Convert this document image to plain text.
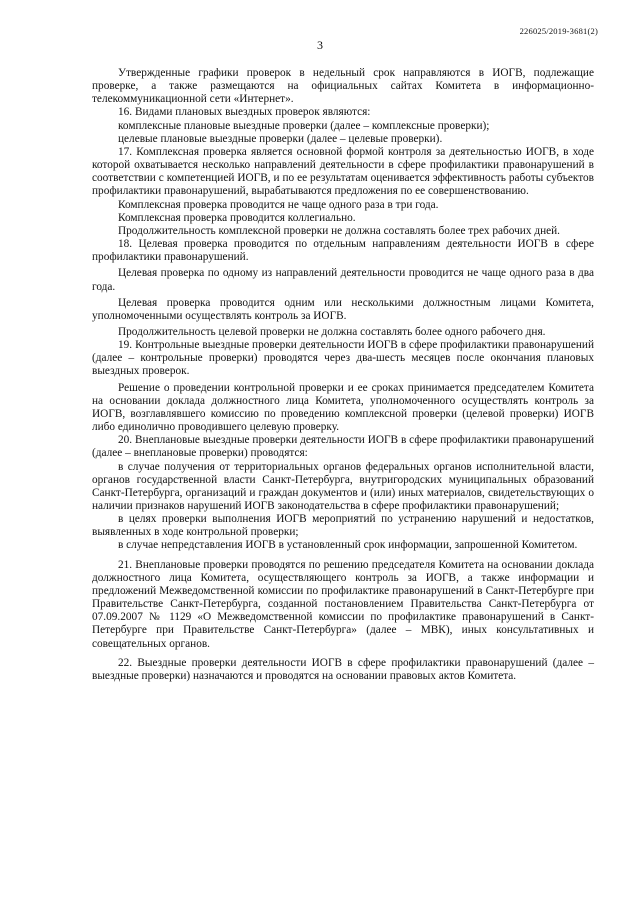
226025/2019-3681(2)
3

Утвержденные графики проверок в недельный срок направляются в ИОГВ, подлежащие проверке, а также размещаются на официальных сайтах Комитета в информационно-телекоммуникационной сети «Интернет».

16. Видами плановых выездных проверок являются:

комплексные плановые выездные проверки (далее – комплексные проверки);

целевые плановые выездные проверки (далее – целевые проверки).

17. Комплексная проверка является основной формой контроля за деятельностью ИОГВ, в ходе которой охватывается несколько направлений деятельности в сфере профилактики правонарушений в соответствии с компетенцией ИОГВ, и по ее результатам оценивается эффективность работы субъектов профилактики правонарушений, вырабатываются предложения по ее совершенствованию.

Комплексная проверка проводится не чаще одного раза в три года.

Комплексная проверка проводится коллегиально.

Продолжительность комплексной проверки не должна составлять более трех рабочих дней.

18. Целевая проверка проводится по отдельным направлениям деятельности ИОГВ в сфере профилактики правонарушений.

Целевая проверка по одному из направлений деятельности проводится не чаще одного раза в два года.

Целевая проверка проводится одним или несколькими должностным лицами Комитета, уполномоченными осуществлять контроль за ИОГВ.

Продолжительность целевой проверки не должна составлять более одного рабочего дня.

19. Контрольные выездные проверки деятельности ИОГВ в сфере профилактики правонарушений (далее – контрольные проверки) проводятся через два-шесть месяцев после окончания плановых выездных проверок.

Решение о проведении контрольной проверки и ее сроках принимается председателем Комитета на основании доклада должностного лица Комитета, уполномоченного осуществлять контроль за ИОГВ, возглавлявшего комиссию по проведению комплексной проверки (целевой проверки) ИОГВ либо единолично проводившего целевую проверку.

20. Внеплановые выездные проверки деятельности ИОГВ в сфере профилактики правонарушений (далее – внеплановые проверки) проводятся:

в случае получения от территориальных органов федеральных органов исполнительной власти, органов государственной власти Санкт-Петербурга, внутригородских муниципальных образований Санкт-Петербурга, организаций и граждан документов и (или) иных материалов, свидетельствующих о наличии признаков нарушений ИОГВ законодательства в сфере профилактики правонарушений;

в целях проверки выполнения ИОГВ мероприятий по устранению нарушений и недостатков, выявленных в ходе контрольной проверки;

в случае непредставления ИОГВ в установленный срок информации, запрошенной Комитетом.

21. Внеплановые проверки проводятся по решению председателя Комитета на основании доклада должностного лица Комитета, осуществляющего контроль за ИОГВ, а также информации и предложений Межведомственной комиссии по профилактике правонарушений в Санкт-Петербурге при Правительстве Санкт-Петербурга, созданной постановлением Правительства Санкт-Петербурга от 07.09.2007 № 1129 «О Межведомственной комиссии по профилактике правонарушений в Санкт-Петербурге при Правительстве Санкт-Петербурга» (далее – МВК), иных консультативных и совещательных органов.

22. Выездные проверки деятельности ИОГВ в сфере профилактики правонарушений (далее – выездные проверки) назначаются и проводятся на основании правовых актов Комитета.
